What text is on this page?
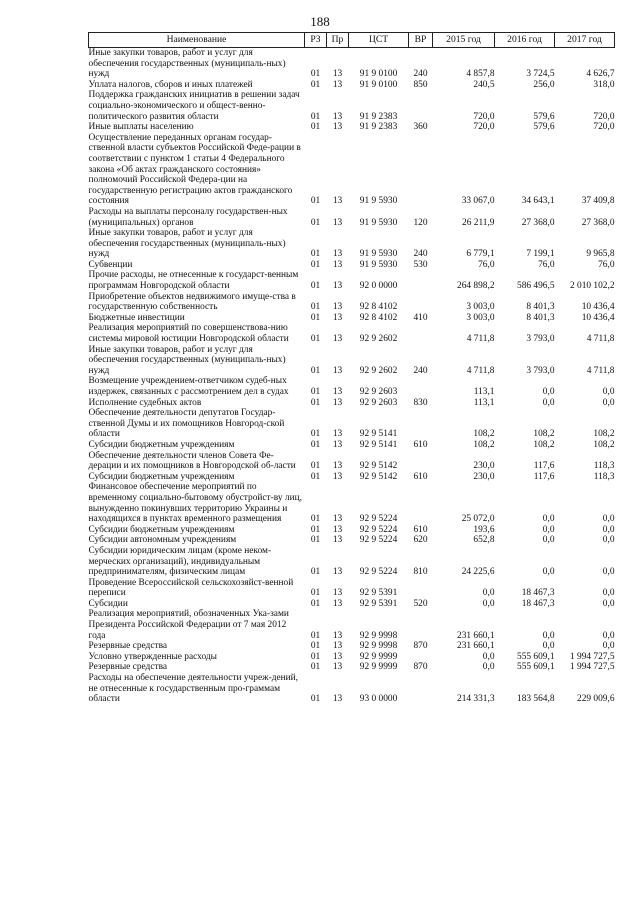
188
Наименование	РЗ	Пр	ЦСТ	ВР	2015 год	2016 год	2017 год
Иные закупки товаров, работ и услуг для обеспечения государственных (муниципаль-ных) нужд	01	13	91 9 0100	240	4 857,8	3 724,5	4 626,7
Уплата налогов, сборов и иных платежей	01	13	91 9 0100	850	240,5	256,0	318,0
Поддержка гражданских инициатив в решении задач социально-экономического и общест-венно-политического развития области	01	13	91 9 2383		720,0	579,6	720,0
Иные выплаты населению	01	13	91 9 2383	360	720,0	579,6	720,0
Осуществление переданных органам государ-ственной власти субъектов Российской Феде-рации в соответствии с пунктом 1 статьи 4 Федерального закона «Об актах гражданского состояния» полномочий Российской Федера-ции на государственную регистрацию актов гражданского состояния	01	13	91 9 5930		33 067,0	34 643,1	37 409,8
Расходы на выплаты персоналу государствен-ных (муниципальных) органов	01	13	91 9 5930	120	26 211,9	27 368,0	27 368,0
Иные закупки товаров, работ и услуг для обеспечения государственных (муниципаль-ных) нужд	01	13	91 9 5930	240	6 779,1	7 199,1	9 965,8
Субвенции	01	13	91 9 5930	530	76,0	76,0	76,0
Прочие расходы, не отнесенные к государст-венным программам Новгородской области	01	13	92 0 0000		264 898,2	586 496,5	2 010 102,2
Приобретение объектов недвижимого имуще-ства в государственную собственность	01	13	92 8 4102		3 003,0	8 401,3	10 436,4
Бюджетные инвестиции	01	13	92 8 4102	410	3 003,0	8 401,3	10 436,4
Реализация мероприятий по совершенствова-нию системы мировой юстиции Новгородской области	01	13	92 9 2602		4 711,8	3 793,0	4 711,8
Иные закупки товаров, работ и услуг для обеспечения государственных (муниципаль-ных) нужд	01	13	92 9 2602	240	4 711,8	3 793,0	4 711,8
Возмещение учреждением-ответчиком судеб-ных издержек, связанных с рассмотрением дел в судах	01	13	92 9 2603		113,1	0,0	0,0
Исполнение судебных актов	01	13	92 9 2603	830	113,1	0,0	0,0
Обеспечение деятельности депутатов Государ-ственной Думы и их помощников Новгород-ской области	01	13	92 9 5141		108,2	108,2	108,2
Субсидии бюджетным учреждениям	01	13	92 9 5141	610	108,2	108,2	108,2
Обеспечение деятельности членов Совета Фе-дерации и их помощников в Новгородской об-ласти	01	13	92 9 5142		230,0	117,6	118,3
Субсидии бюджетным учреждениям	01	13	92 9 5142	610	230,0	117,6	118,3
Финансовое обеспечение мероприятий по временному социально-бытовому обустройст-ву лиц, вынужденно покинувших территорию Украины и находящихся в пунктах временного размещения	01	13	92 9 5224		25 072,0	0,0	0,0
Субсидии бюджетным учреждениям	01	13	92 9 5224	610	193,6	0,0	0,0
Субсидии автономным учреждениям	01	13	92 9 5224	620	652,8	0,0	0,0
Субсидии юридическим лицам (кроме неком-мерческих организаций), индивидуальным предпринимателям, физическим лицам	01	13	92 9 5224	810	24 225,6	0,0	0,0
Проведение Всероссийской сельскохозяйст-венной переписи	01	13	92 9 5391		0,0	18 467,3	0,0
Субсидии	01	13	92 9 5391	520	0,0	18 467,3	0,0
Реализация мероприятий, обозначенных Ука-зами Президента Российской Федерации от 7 мая 2012 года	01	13	92 9 9998		231 660,1	0,0	0,0
Резервные средства	01	13	92 9 9998	870	231 660,1	0,0	0,0
Условно утвержденные расходы	01	13	92 9 9999		0,0	555 609,1	1 994 727,5
Резервные средства	01	13	92 9 9999	870	0,0	555 609,1	1 994 727,5
Расходы на обеспечение деятельности учреж-дений, не отнесенные к государственным про-граммам области	01	13	93 0 0000		214 331,3	183 564,8	229 009,6
